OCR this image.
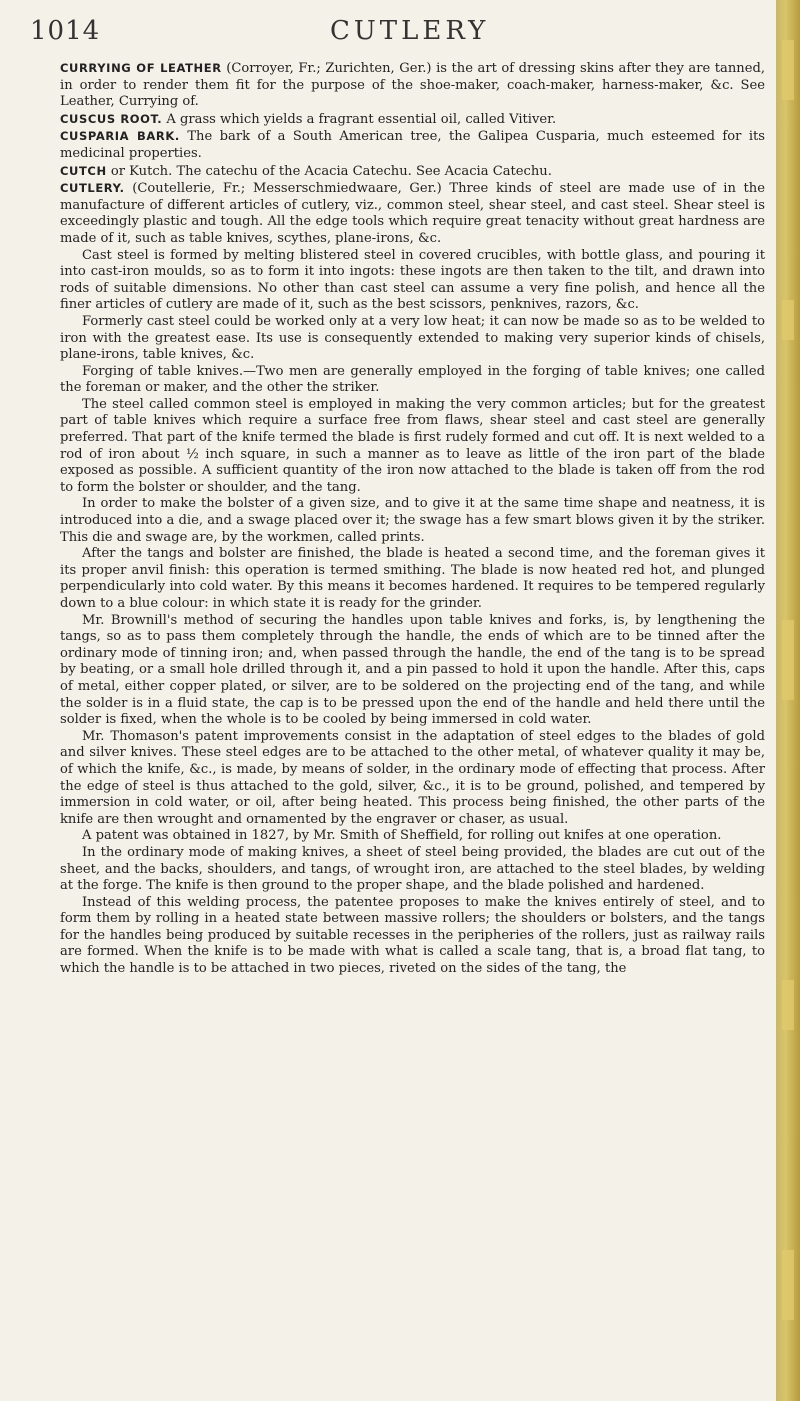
1014	CUTLERY

CURRYING OF LEATHER (Corroyer, Fr.; Zurichten, Ger.) is the art of dressing skins after they are tanned, in order to render them fit for the purpose of the shoe-maker, coach-maker, harness-maker, &c. See Leather, Currying of.

CUSCUS ROOT. A grass which yields a fragrant essential oil, called Vitiver.

CUSPARIA BARK. The bark of a South American tree, the Galipea Cusparia, much esteemed for its medicinal properties.

CUTCH or Kutch. The catechu of the Acacia Catechu. See Acacia Catechu.

CUTLERY. (Coutellerie, Fr.; Messerschmiedwaare, Ger.) Three kinds of steel are made use of in the manufacture of different articles of cutlery, viz., common steel, shear steel, and cast steel. Shear steel is exceedingly plastic and tough. All the edge tools which require great tenacity without great hardness are made of it, such as table knives, scythes, plane-irons, &c.

Cast steel is formed by melting blistered steel in covered crucibles, with bottle glass, and pouring it into cast-iron moulds, so as to form it into ingots: these ingots are then taken to the tilt, and drawn into rods of suitable dimensions. No other than cast steel can assume a very fine polish, and hence all the finer articles of cutlery are made of it, such as the best scissors, penknives, razors, &c.

Formerly cast steel could be worked only at a very low heat; it can now be made so as to be welded to iron with the greatest ease. Its use is consequently extended to making very superior kinds of chisels, plane-irons, table knives, &c.

Forging of table knives.—Two men are generally employed in the forging of table knives; one called the foreman or maker, and the other the striker.

The steel called common steel is employed in making the very common articles; but for the greatest part of table knives which require a surface free from flaws, shear steel and cast steel are generally preferred. That part of the knife termed the blade is first rudely formed and cut off. It is next welded to a rod of iron about ½ inch square, in such a manner as to leave as little of the iron part of the blade exposed as possible. A sufficient quantity of the iron now attached to the blade is taken off from the rod to form the bolster or shoulder, and the tang.

In order to make the bolster of a given size, and to give it at the same time shape and neatness, it is introduced into a die, and a swage placed over it; the swage has a few smart blows given it by the striker. This die and swage are, by the workmen, called prints.

After the tangs and bolster are finished, the blade is heated a second time, and the foreman gives it its proper anvil finish: this operation is termed smithing. The blade is now heated red hot, and plunged perpendicularly into cold water. By this means it becomes hardened. It requires to be tempered regularly down to a blue colour: in which state it is ready for the grinder.

Mr. Brownill's method of securing the handles upon table knives and forks, is, by lengthening the tangs, so as to pass them completely through the handle, the ends of which are to be tinned after the ordinary mode of tinning iron; and, when passed through the handle, the end of the tang is to be spread by beating, or a small hole drilled through it, and a pin passed to hold it upon the handle. After this, caps of metal, either copper plated, or silver, are to be soldered on the projecting end of the tang, and while the solder is in a fluid state, the cap is to be pressed upon the end of the handle and held there until the solder is fixed, when the whole is to be cooled by being immersed in cold water.

Mr. Thomason's patent improvements consist in the adaptation of steel edges to the blades of gold and silver knives. These steel edges are to be attached to the other metal, of whatever quality it may be, of which the knife, &c., is made, by means of solder, in the ordinary mode of effecting that process. After the edge of steel is thus attached to the gold, silver, &c., it is to be ground, polished, and tempered by immersion in cold water, or oil, after being heated. This process being finished, the other parts of the knife are then wrought and ornamented by the engraver or chaser, as usual.

A patent was obtained in 1827, by Mr. Smith of Sheffield, for rolling out knifes at one operation.

In the ordinary mode of making knives, a sheet of steel being provided, the blades are cut out of the sheet, and the backs, shoulders, and tangs, of wrought iron, are attached to the steel blades, by welding at the forge. The knife is then ground to the proper shape, and the blade polished and hardened.

Instead of this welding process, the patentee proposes to make the knives entirely of steel, and to form them by rolling in a heated state between massive rollers; the shoulders or bolsters, and the tangs for the handles being produced by suitable recesses in the peripheries of the rollers, just as railway rails are formed. When the knife is to be made with what is called a scale tang, that is, a broad flat tang, to which the handle is to be attached in two pieces, riveted on the sides of the tang, the
